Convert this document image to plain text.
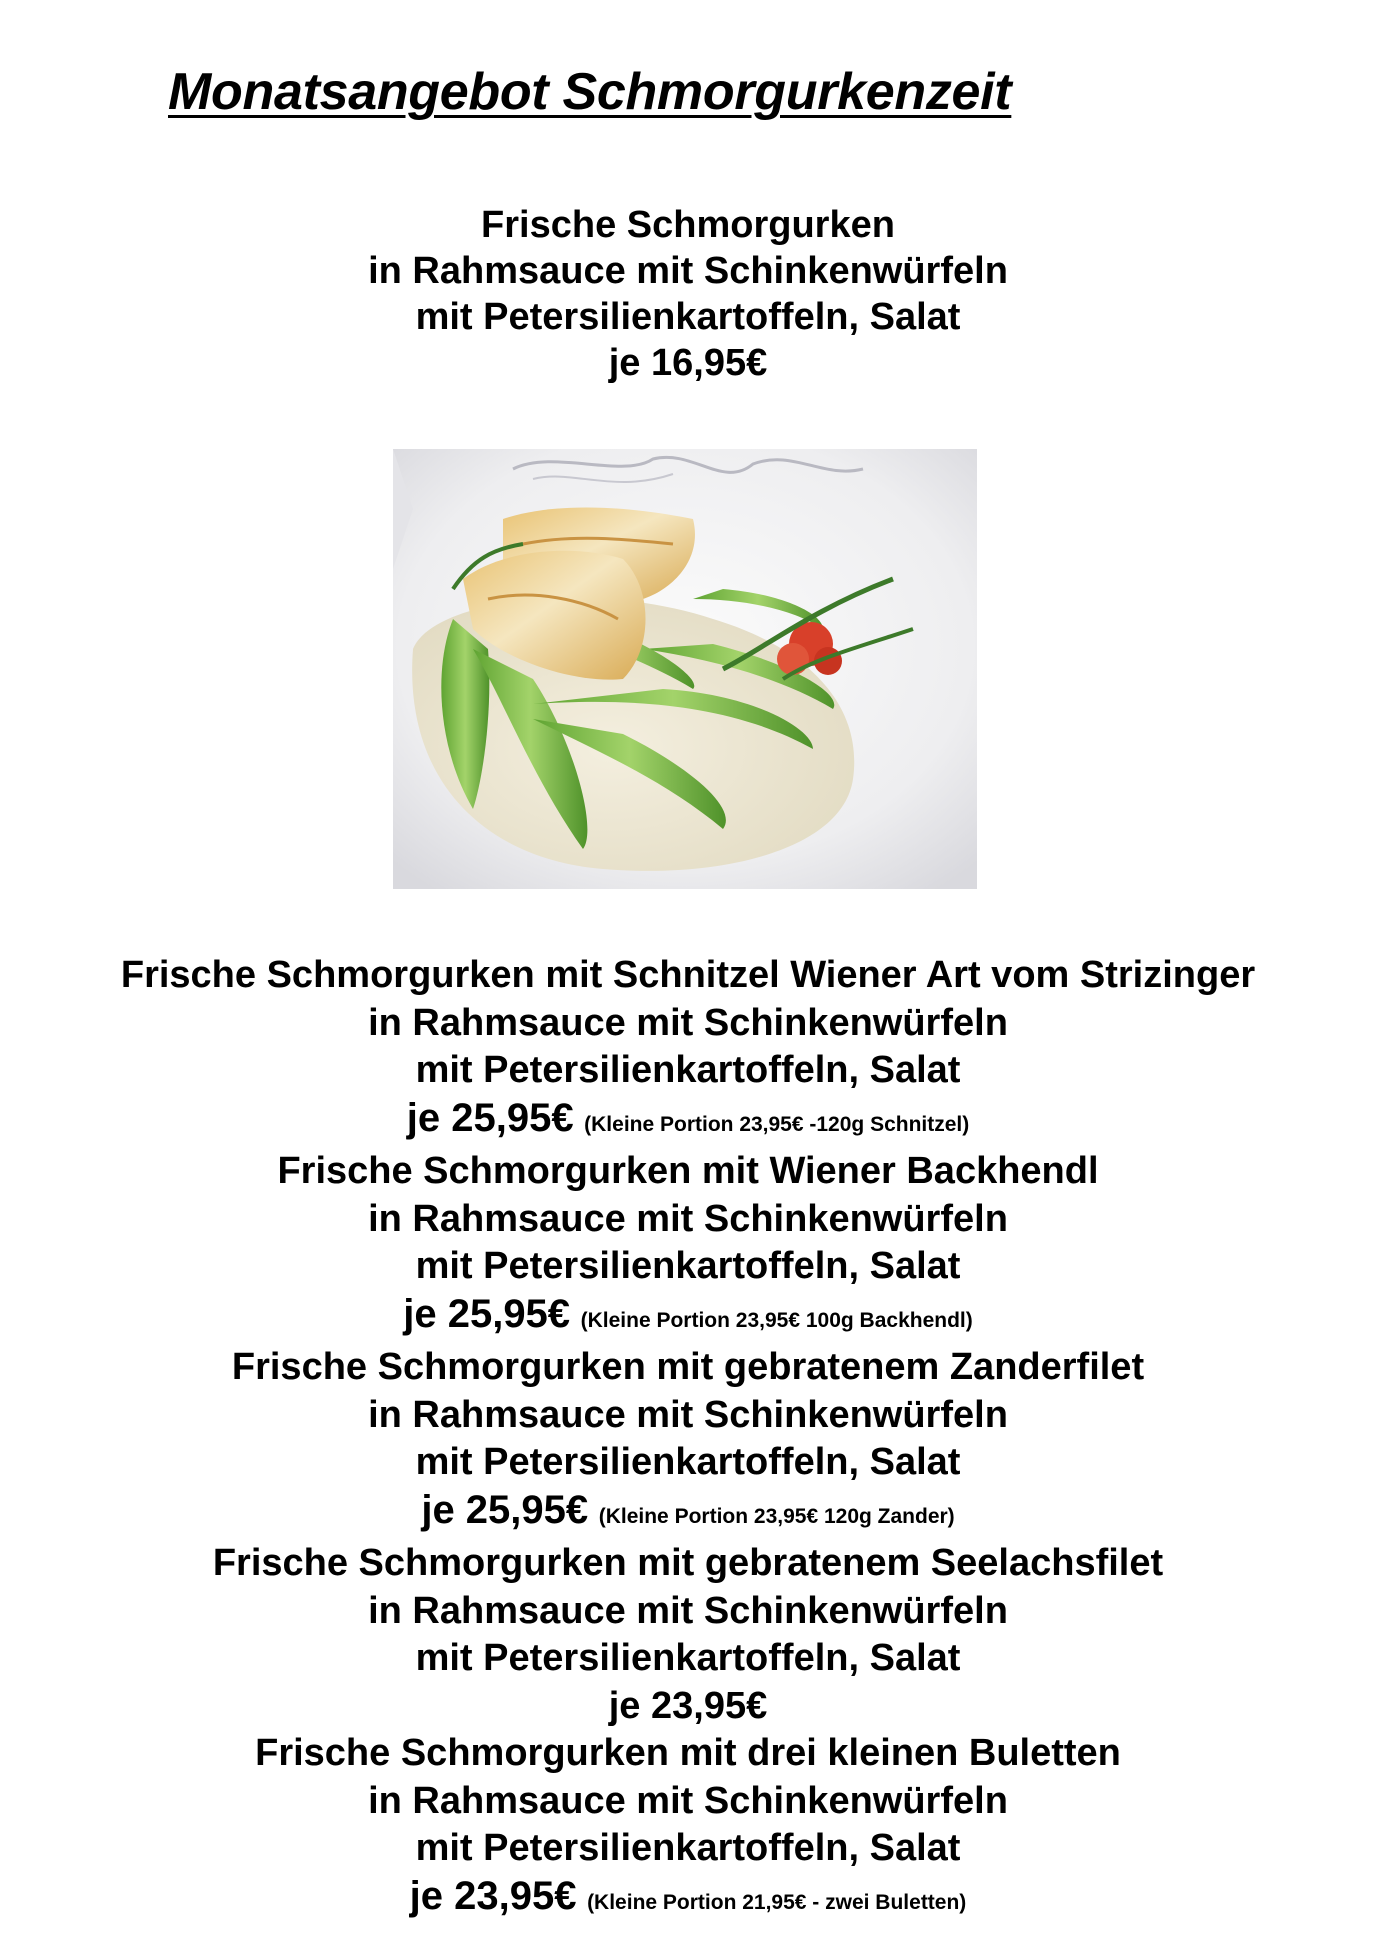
Monatsangebot Schmorgurkenzeit
Frische Schmorgurken
in Rahmsauce mit Schinkenwürfeln
mit Petersilienkartoffeln, Salat
je 16,95€
Frische Schmorgurken mit Schnitzel Wiener Art vom Strizinger
in Rahmsauce mit Schinkenwürfeln
mit Petersilienkartoffeln, Salat
je 25,95€ (Kleine Portion 23,95€ -120g Schnitzel)
Frische Schmorgurken mit Wiener Backhendl
in Rahmsauce mit Schinkenwürfeln
mit Petersilienkartoffeln, Salat
je 25,95€ (Kleine Portion 23,95€ 100g Backhendl)
Frische Schmorgurken mit gebratenem Zanderfilet
in Rahmsauce mit Schinkenwürfeln
mit Petersilienkartoffeln, Salat
je 25,95€ (Kleine Portion 23,95€ 120g Zander)
Frische Schmorgurken mit gebratenem Seelachsfilet
in Rahmsauce mit Schinkenwürfeln
mit Petersilienkartoffeln, Salat
je 23,95€
Frische Schmorgurken mit drei kleinen Buletten
in Rahmsauce mit Schinkenwürfeln
mit Petersilienkartoffeln, Salat
je 23,95€ (Kleine Portion 21,95€ - zwei Buletten)
